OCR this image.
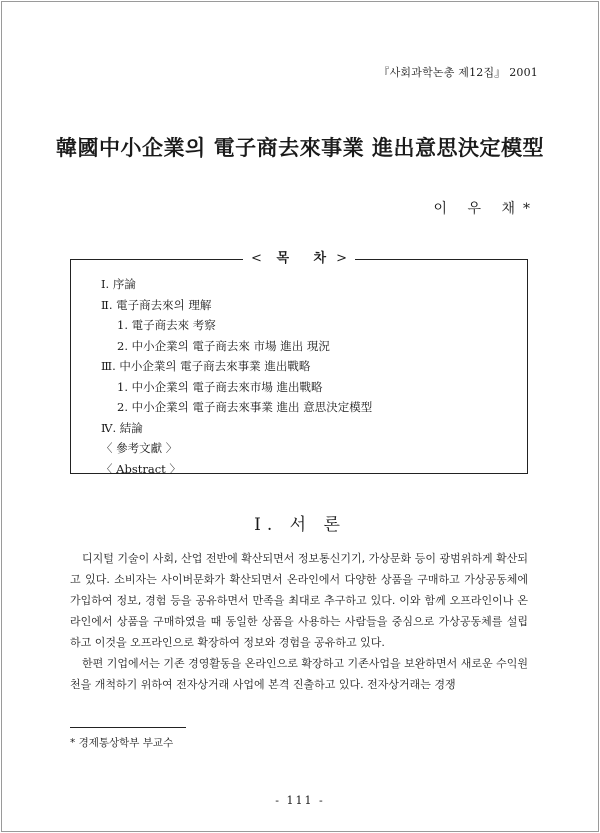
『사회과학논총 제12집』 2001
韓國中小企業의 電子商去來事業 進出意思決定模型
이 우 채*
< 목 차>
Ⅰ. 序論
Ⅱ. 電子商去來의 理解
1. 電子商去來 考察
2. 中小企業의 電子商去來 市場 進出 現況
Ⅲ. 中小企業의 電子商去來事業 進出戰略
1. 中小企業의 電子商去來市場 進出戰略
2. 中小企業의 電子商去來事業 進出 意思決定模型
Ⅳ. 結論
〈 參考文獻 〉
〈 Abstract 〉
Ⅰ. 서 론

디지털 기술이 사회, 산업 전반에 확산되면서 정보통신기기, 가상문화 등이 광범위하게 확산되고 있다. 소비자는 사이버문화가 확산되면서 온라인에서 다양한 상품을 구매하고 가상공동체에 가입하여 정보, 경험 등을 공유하면서 만족을 최대로 추구하고 있다. 이와 함께 오프라인이나 온라인에서 상품을 구매하였을 때 동일한 상품을 사용하는 사람들을 중심으로 가상공동체를 설립하고 이것을 오프라인으로 확장하여 정보와 경험을 공유하고 있다.

한편 기업에서는 기존 경영활동을 온라인으로 확장하고 기존사업을 보완하면서 새로운 수익원천을 개척하기 위하여 전자상거래 사업에 본격 진출하고 있다. 전자상거래는 경쟁

* 경제통상학부 부교수
- 111 -
